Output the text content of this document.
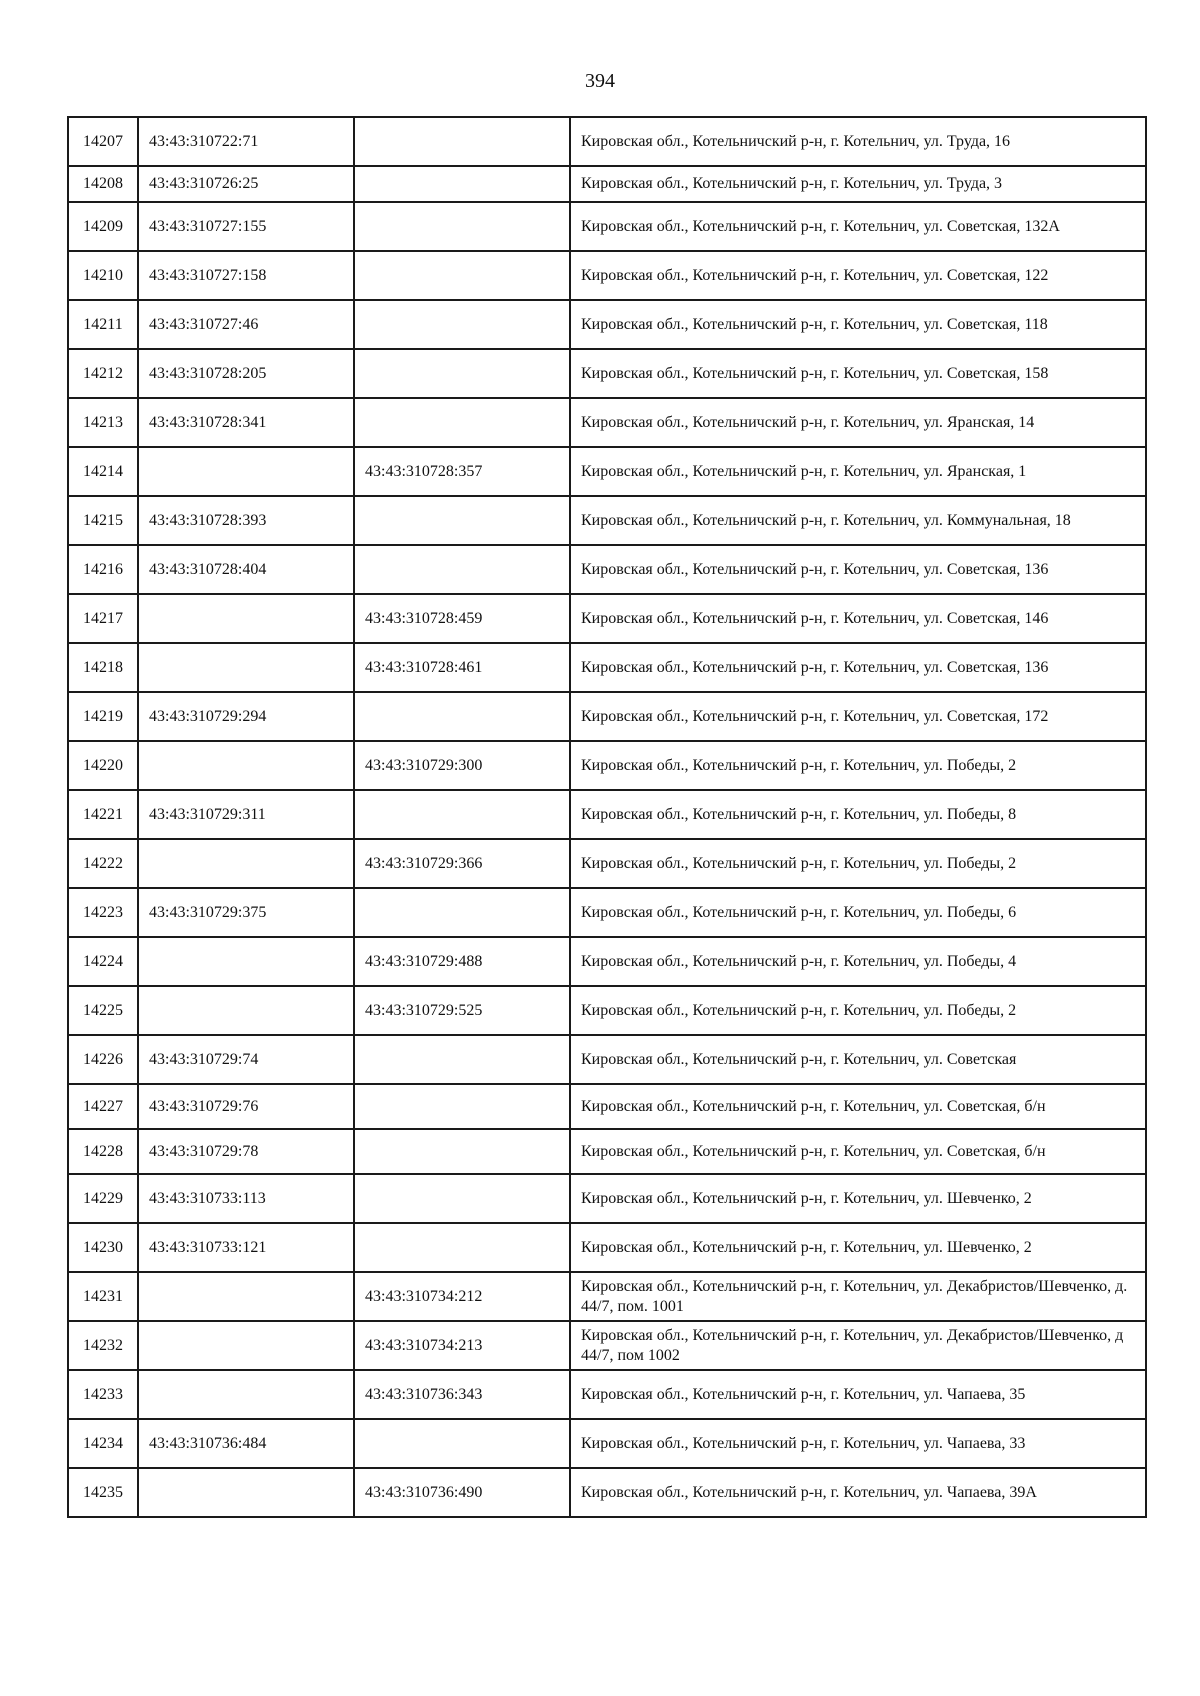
394
14207	43:43:310722:71		Кировская обл., Котельничский р-н, г. Котельнич, ул. Труда, 16
14208	43:43:310726:25		Кировская обл., Котельничский р-н, г. Котельнич, ул. Труда, 3
14209	43:43:310727:155		Кировская обл., Котельничский р-н, г. Котельнич, ул. Советская, 132А
14210	43:43:310727:158		Кировская обл., Котельничский р-н, г. Котельнич, ул. Советская, 122
14211	43:43:310727:46		Кировская обл., Котельничский р-н, г. Котельнич, ул. Советская, 118
14212	43:43:310728:205		Кировская обл., Котельничский р-н, г. Котельнич, ул. Советская, 158
14213	43:43:310728:341		Кировская обл., Котельничский р-н, г. Котельнич, ул. Яранская, 14
14214		43:43:310728:357	Кировская обл., Котельничский р-н, г. Котельнич, ул. Яранская, 1
14215	43:43:310728:393		Кировская обл., Котельничский р-н, г. Котельнич, ул. Коммунальная, 18
14216	43:43:310728:404		Кировская обл., Котельничский р-н, г. Котельнич, ул. Советская, 136
14217		43:43:310728:459	Кировская обл., Котельничский р-н, г. Котельнич, ул. Советская, 146
14218		43:43:310728:461	Кировская обл., Котельничский р-н, г. Котельнич, ул. Советская, 136
14219	43:43:310729:294		Кировская обл., Котельничский р-н, г. Котельнич, ул. Советская, 172
14220		43:43:310729:300	Кировская обл., Котельничский р-н, г. Котельнич, ул. Победы, 2
14221	43:43:310729:311		Кировская обл., Котельничский р-н, г. Котельнич, ул. Победы, 8
14222		43:43:310729:366	Кировская обл., Котельничский р-н, г. Котельнич, ул. Победы, 2
14223	43:43:310729:375		Кировская обл., Котельничский р-н, г. Котельнич, ул. Победы, 6
14224		43:43:310729:488	Кировская обл., Котельничский р-н, г. Котельнич, ул. Победы, 4
14225		43:43:310729:525	Кировская обл., Котельничский р-н, г. Котельнич, ул. Победы, 2
14226	43:43:310729:74		Кировская обл., Котельничский р-н, г. Котельнич, ул. Советская
14227	43:43:310729:76		Кировская обл., Котельничский р-н, г. Котельнич, ул. Советская, б/н
14228	43:43:310729:78		Кировская обл., Котельничский р-н, г. Котельнич, ул. Советская, б/н
14229	43:43:310733:113		Кировская обл., Котельничский р-н, г. Котельнич, ул. Шевченко, 2
14230	43:43:310733:121		Кировская обл., Котельничский р-н, г. Котельнич, ул. Шевченко, 2
14231		43:43:310734:212	Кировская обл., Котельничский р-н, г. Котельнич, ул. Декабристов/Шевченко, д. 44/7, пом. 1001
14232		43:43:310734:213	Кировская обл., Котельничский р-н, г. Котельнич, ул. Декабристов/Шевченко, д 44/7, пом 1002
14233		43:43:310736:343	Кировская обл., Котельничский р-н, г. Котельнич, ул. Чапаева, 35
14234	43:43:310736:484		Кировская обл., Котельничский р-н, г. Котельнич, ул. Чапаева, 33
14235		43:43:310736:490	Кировская обл., Котельничский р-н, г. Котельнич, ул. Чапаева, 39А
